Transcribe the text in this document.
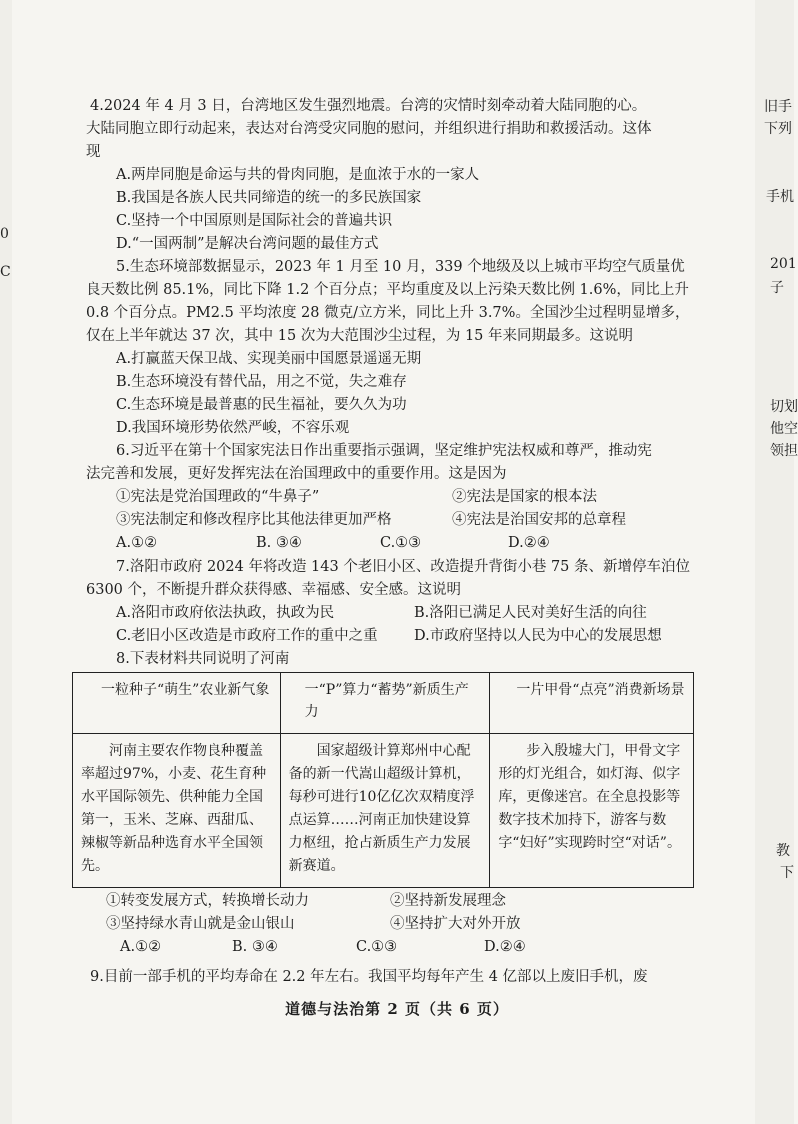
0
C
旧手
下列
手机
201
子
切划
他空
领担
教
下
4.2024 年 4 月 3 日，台湾地区发生强烈地震。台湾的灾情时刻牵动着大陆同胞的心。
大陆同胞立即行动起来，表达对台湾受灾同胞的慰问，并组织进行捐助和救援活动。这体
现
A.两岸同胞是命运与共的骨肉同胞，是血浓于水的一家人
B.我国是各族人民共同缔造的统一的多民族国家
C.坚持一个中国原则是国际社会的普遍共识
D.“一国两制”是解决台湾问题的最佳方式
5.生态环境部数据显示，2023 年 1 月至 10 月，339 个地级及以上城市平均空气质量优
良天数比例 85.1%，同比下降 1.2 个百分点；平均重度及以上污染天数比例 1.6%，同比上升
0.8 个百分点。PM2.5 平均浓度 28 微克/立方米，同比上升 3.7%。全国沙尘过程明显增多，
仅在上半年就达 37 次，其中 15 次为大范围沙尘过程，为 15 年来同期最多。这说明
A.打赢蓝天保卫战、实现美丽中国愿景遥遥无期
B.生态环境没有替代品，用之不觉，失之难存
C.生态环境是最普惠的民生福祉，要久久为功
D.我国环境形势依然严峻，不容乐观
6.习近平在第十个国家宪法日作出重要指示强调，坚定维护宪法权威和尊严，推动宪
法完善和发展，更好发挥宪法在治国理政中的重要作用。这是因为
①宪法是党治国理政的“牛鼻子”	②宪法是国家的根本法
③宪法制定和修改程序比其他法律更加严格	④宪法是治国安邦的总章程
A.①②	B. ③④	C.①③	D.②④
7.洛阳市政府 2024 年将改造 143 个老旧小区、改造提升背街小巷 75 条、新增停车泊位
6300 个，不断提升群众获得感、幸福感、安全感。这说明
A.洛阳市政府依法执政，执政为民	B.洛阳已满足人民对美好生活的向往
C.老旧小区改造是市政府工作的重中之重	D.市政府坚持以人民为中心的发展思想
8.下表材料共同说明了河南
一粒种子“萌生”农业新气象	一“P”算力“蓄势”新质生产力	一片甲骨“点亮”消费新场景

河南主要农作物良种覆盖率超过97%，小麦、花生育种水平国际领先、供种能力全国第一，玉米、芝麻、西甜瓜、辣椒等新品种选育水平全国领先。	国家超级计算郑州中心配备的新一代嵩山超级计算机，每秒可进行10亿亿次双精度浮点运算……河南正加快建设算力枢纽，抢占新质生产力发展新赛道。	步入殷墟大门，甲骨文字形的灯光组合，如灯海、似字库，更像迷宫。在全息投影等数字技术加持下，游客与数字“妇好”实现跨时空“对话”。
①转变发展方式，转换增长动力	②坚持新发展理念
③坚持绿水青山就是金山银山	④坚持扩大对外开放
A.①②	B. ③④	C.①③	D.②④
9.目前一部手机的平均寿命在 2.2 年左右。我国平均每年产生 4 亿部以上废旧手机，废
道德与法治第 2 页（共 6 页）
